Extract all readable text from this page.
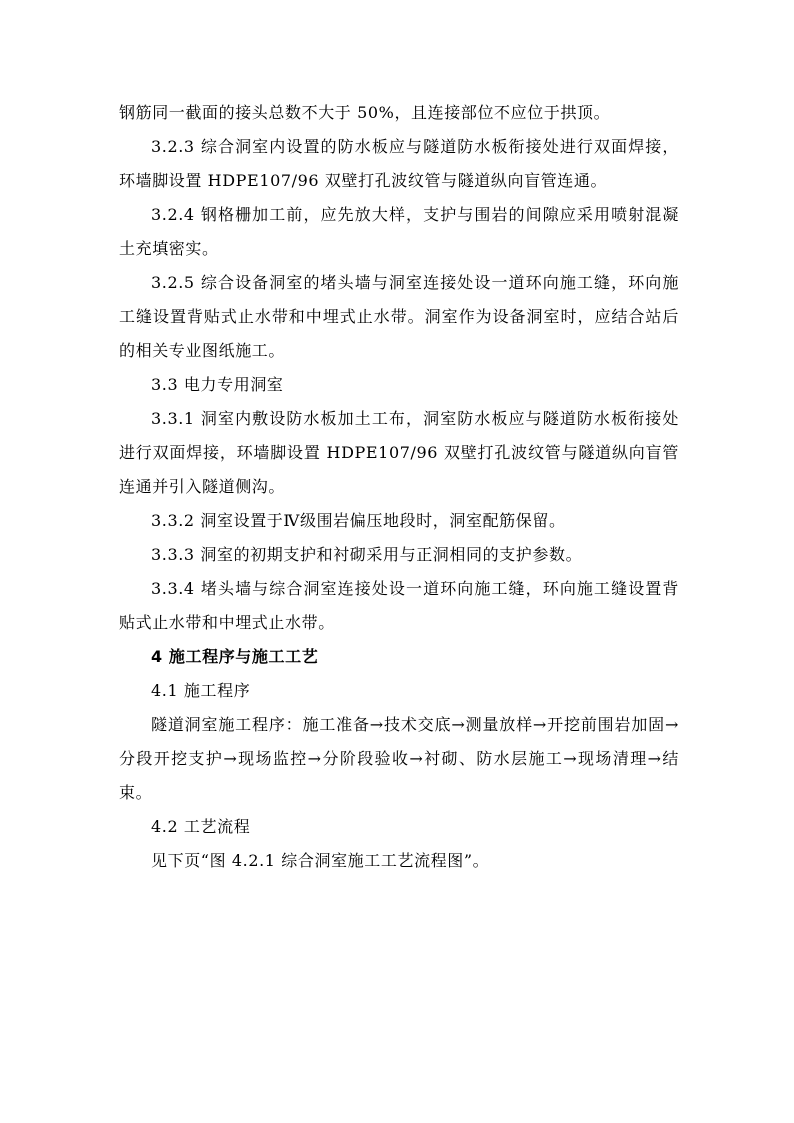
钢筋同一截面的接头总数不大于 50%，且连接部位不应位于拱顶。

3.2.3 综合洞室内设置的防水板应与隧道防水板衔接处进行双面焊接，环墙脚设置 HDPE107/96 双壁打孔波纹管与隧道纵向盲管连通。

3.2.4 钢格栅加工前，应先放大样，支护与围岩的间隙应采用喷射混凝土充填密实。

3.2.5 综合设备洞室的堵头墙与洞室连接处设一道环向施工缝，环向施工缝设置背贴式止水带和中埋式止水带。洞室作为设备洞室时，应结合站后的相关专业图纸施工。

3.3 电力专用洞室

3.3.1 洞室内敷设防水板加土工布，洞室防水板应与隧道防水板衔接处进行双面焊接，环墙脚设置 HDPE107/96 双壁打孔波纹管与隧道纵向盲管连通并引入隧道侧沟。

3.3.2 洞室设置于Ⅳ级围岩偏压地段时，洞室配筋保留。

3.3.3 洞室的初期支护和衬砌采用与正洞相同的支护参数。

3.3.4 堵头墙与综合洞室连接处设一道环向施工缝，环向施工缝设置背贴式止水带和中埋式止水带。

4 施工程序与施工工艺

4.1 施工程序

隧道洞室施工程序：施工准备→技术交底→测量放样→开挖前围岩加固→分段开挖支护→现场监控→分阶段验收→衬砌、防水层施工→现场清理→结束。

4.2 工艺流程

见下页“图 4.2.1 综合洞室施工工艺流程图”。
